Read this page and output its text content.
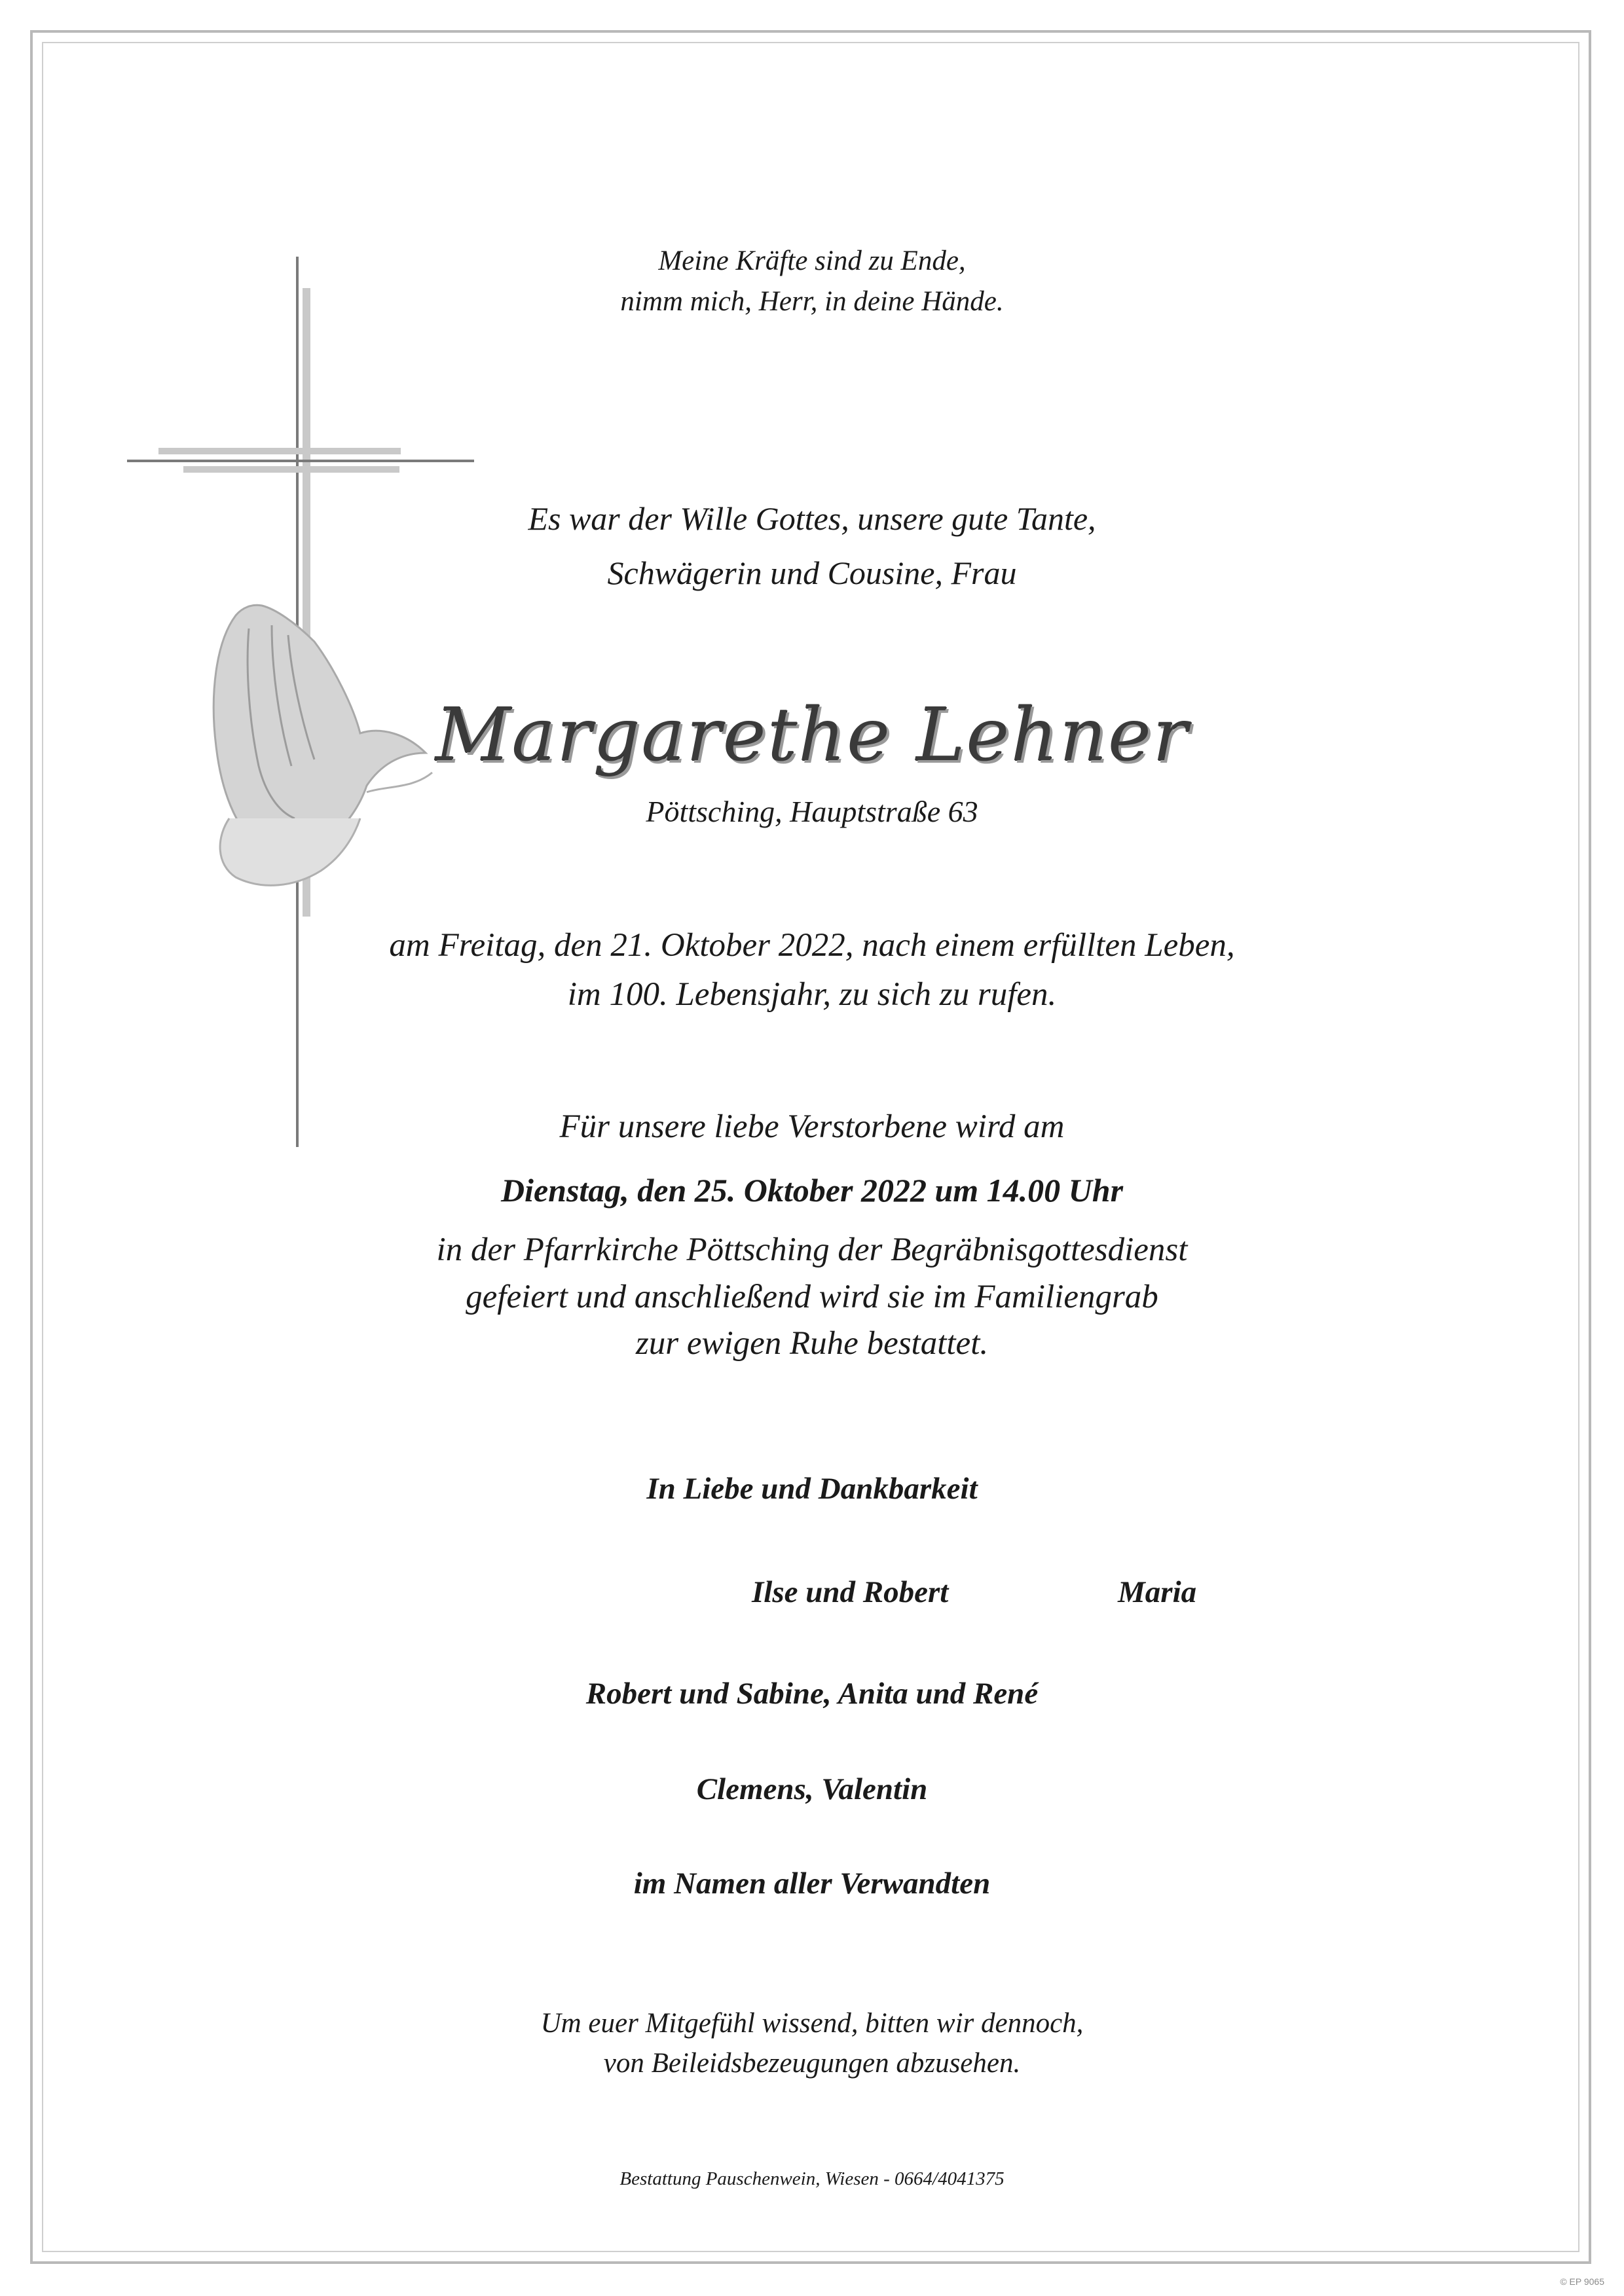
Meine Kräfte sind zu Ende,
nimm mich, Herr, in deine Hände.
Es war der Wille Gottes, unsere gute Tante,
Schwägerin und Cousine, Frau
Margarethe Lehner
Pöttsching, Hauptstraße 63
am Freitag, den 21. Oktober 2022, nach einem erfüllten Leben,
im 100. Lebensjahr, zu sich zu rufen.
Für unsere liebe Verstorbene wird am
Dienstag, den 25. Oktober 2022 um 14.00 Uhr
in der Pfarrkirche Pöttsching der Begräbnisgottesdienst
gefeiert und anschließend wird sie im Familiengrab
zur ewigen Ruhe bestattet.
In Liebe und Dankbarkeit
Ilse und Robert	Maria
Robert und Sabine, Anita und René
Clemens, Valentin
im Namen aller Verwandten
Um euer Mitgefühl wissend, bitten wir dennoch,
von Beileidsbezeugungen abzusehen.
Bestattung Pauschenwein, Wiesen - 0664/4041375
© EP 9065
